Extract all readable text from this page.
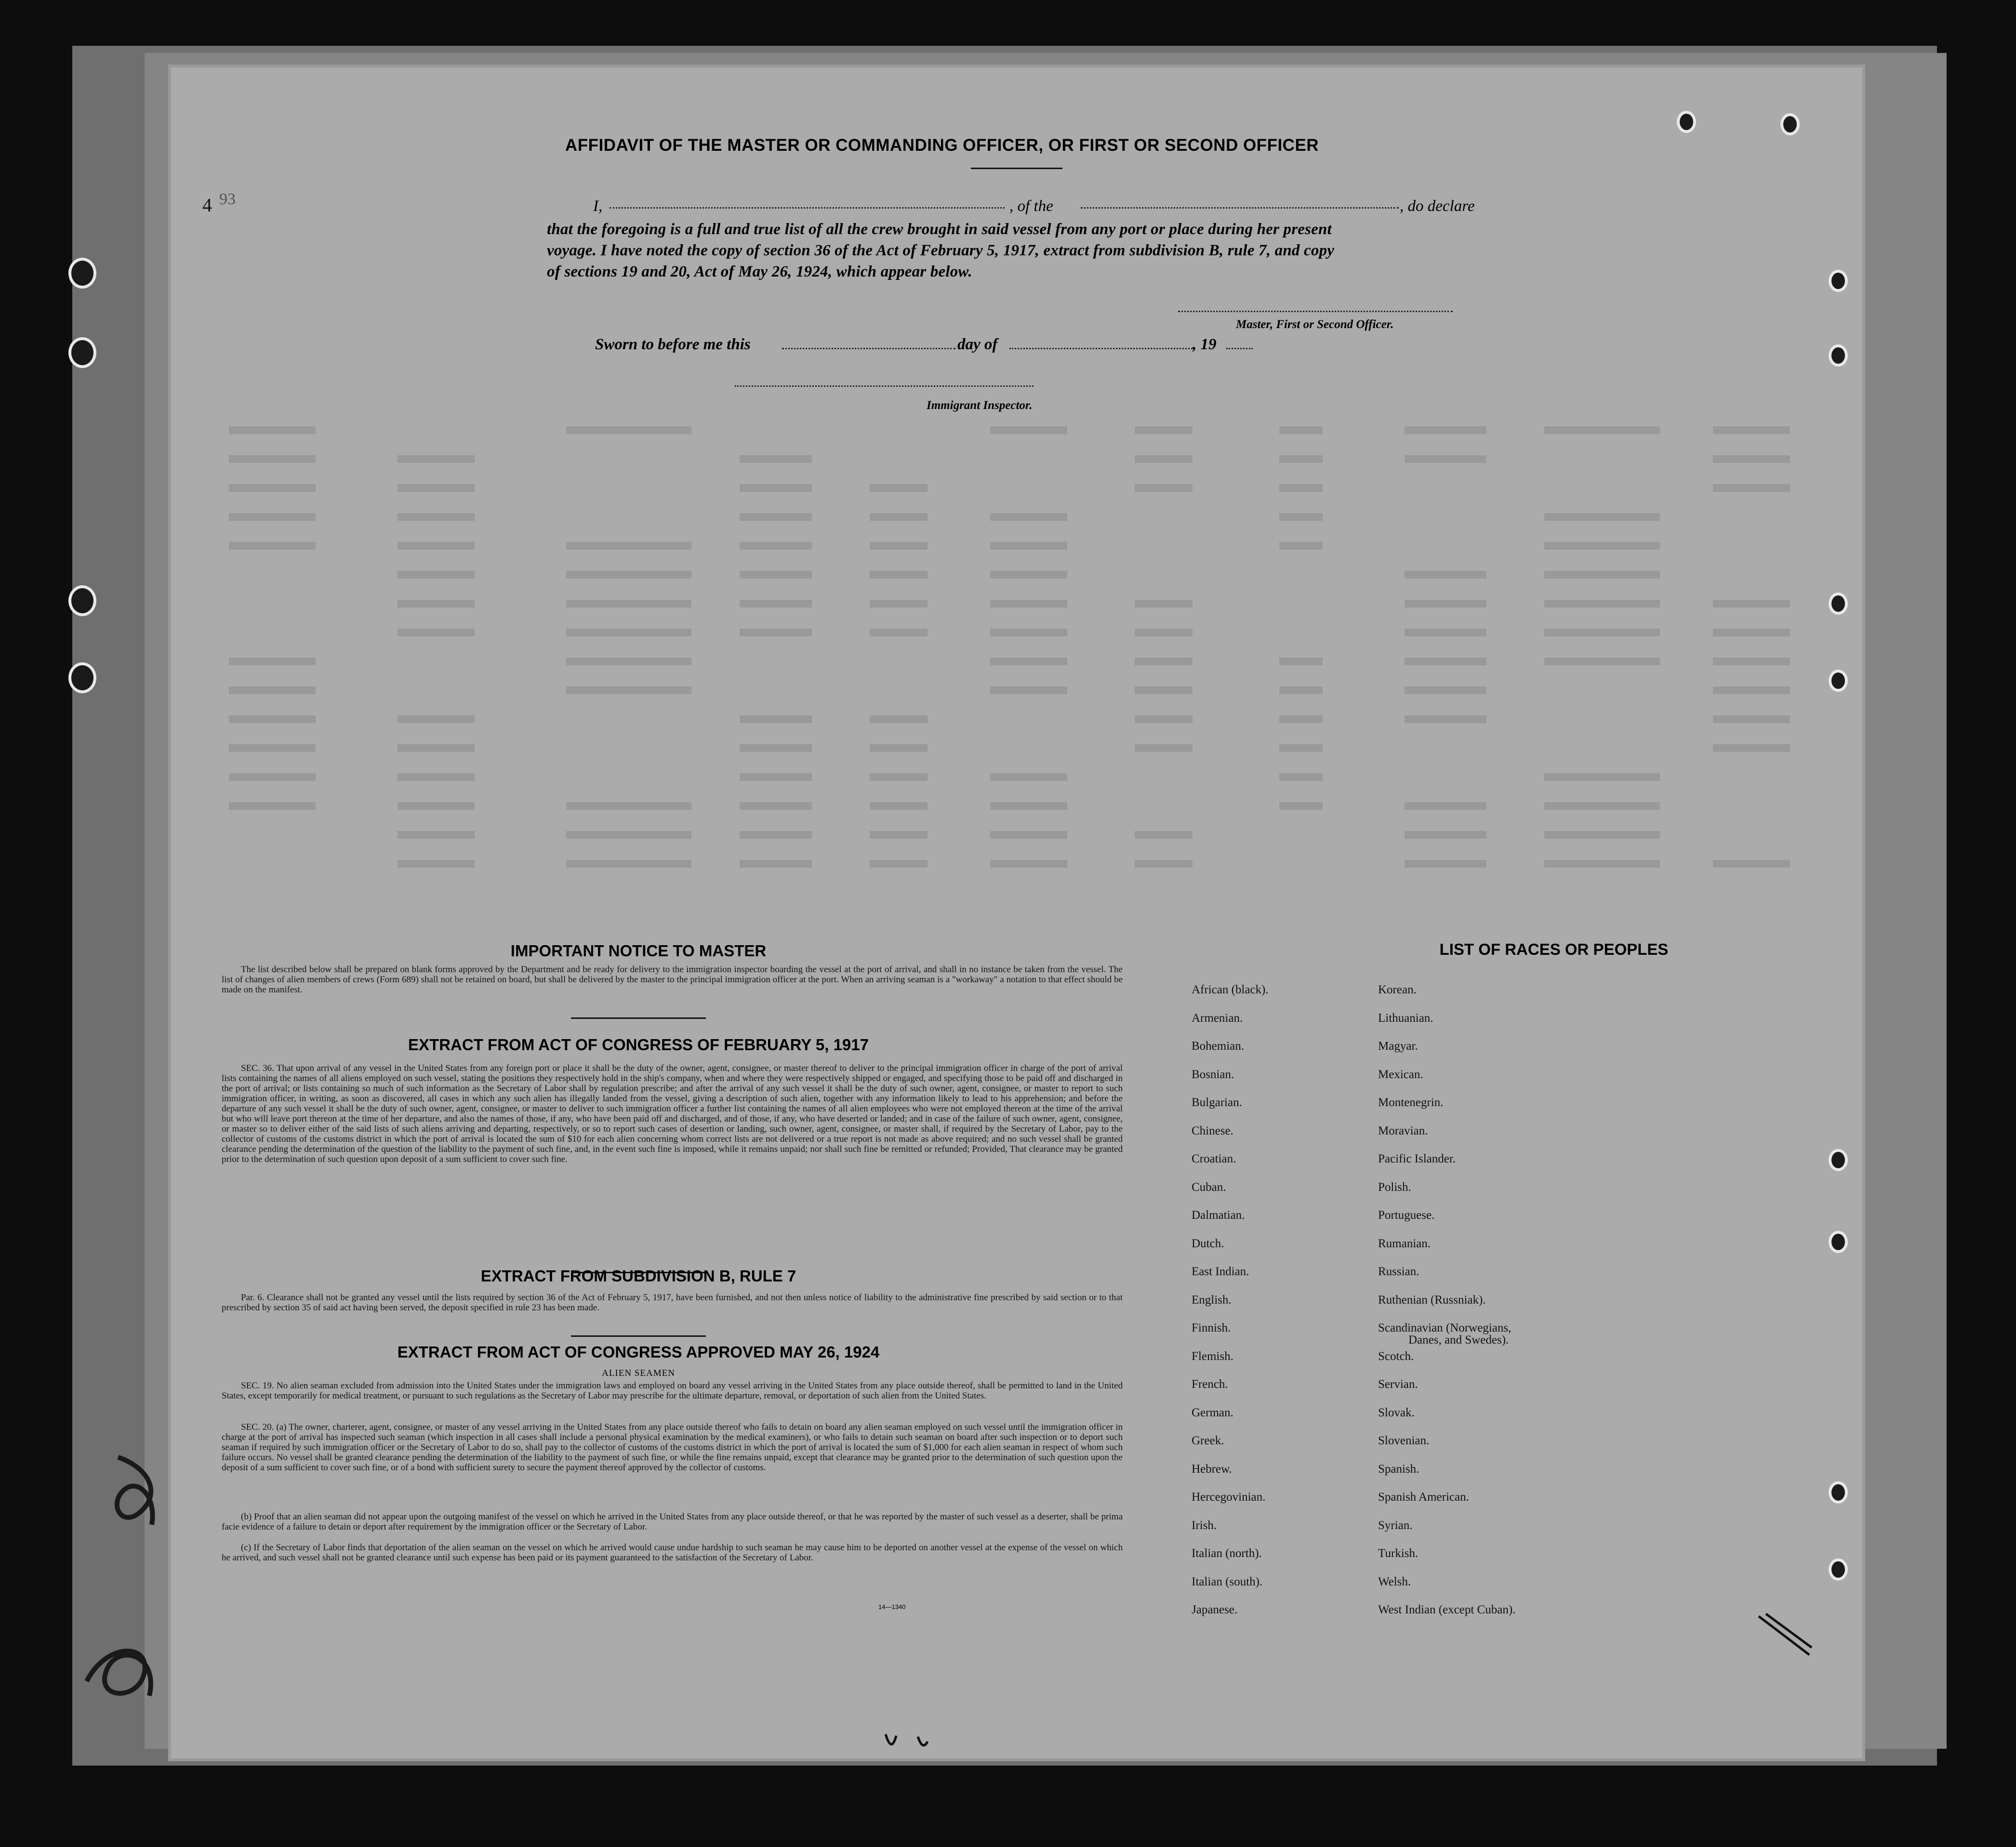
4 93
AFFIDAVIT OF THE MASTER OR COMMANDING OFFICER, OR FIRST OR SECOND OFFICER
I,	, of the	, do declare
that the foregoing is a full and true list of all the crew brought in said vessel from any port or place during her present
voyage. I have noted the copy of section 36 of the Act of February 5, 1917, extract from subdivision B, rule 7, and copy
of sections 19 and 20, Act of May 26, 1924, which appear below.
Master, First or Second Officer.
Sworn to before me this	day of	, 19
Immigrant Inspector.
IMPORTANT NOTICE TO MASTER
The list described below shall be prepared on blank forms approved by the Department and be ready for delivery to the immigration inspector boarding the vessel at the port of arrival, and shall in no instance be taken from the vessel. The list of changes of alien members of crews (Form 689) shall not be retained on board, but shall be delivered by the master to the principal immigration officer at the port. When an arriving seaman is a "workaway" a notation to that effect should be made on the manifest.
EXTRACT FROM ACT OF CONGRESS OF FEBRUARY 5, 1917
SEC. 36. That upon arrival of any vessel in the United States from any foreign port or place it shall be the duty of the owner, agent, consignee, or master thereof to deliver to the principal immigration officer in charge of the port of arrival lists containing the names of all aliens employed on such vessel, stating the positions they respectively hold in the ship's company, when and where they were respectively shipped or engaged, and specifying those to be paid off and discharged in the port of arrival; or lists containing so much of such information as the Secretary of Labor shall by regulation prescribe; and after the arrival of any such vessel it shall be the duty of such owner, agent, consignee, or master to report to such immigration officer, in writing, as soon as discovered, all cases in which any such alien has illegally landed from the vessel, giving a description of such alien, together with any information likely to lead to his apprehension; and before the departure of any such vessel it shall be the duty of such owner, agent, consignee, or master to deliver to such immigration officer a further list containing the names of all alien employees who were not employed thereon at the time of the arrival but who will leave port thereon at the time of her departure, and also the names of those, if any, who have been paid off and discharged, and of those, if any, who have deserted or landed; and in case of the failure of such owner, agent, consignee, or master so to deliver either of the said lists of such aliens arriving and departing, respectively, or so to report such cases of desertion or landing, such owner, agent, consignee, or master shall, if required by the Secretary of Labor, pay to the collector of customs of the customs district in which the port of arrival is located the sum of $10 for each alien concerning whom correct lists are not delivered or a true report is not made as above required; and no such vessel shall be granted clearance pending the determination of the question of the liability to the payment of such fine, and, in the event such fine is imposed, while it remains unpaid; nor shall such fine be remitted or refunded; Provided, That clearance may be granted prior to the determination of such question upon deposit of a sum sufficient to cover such fine.
EXTRACT FROM SUBDIVISION B, RULE 7
Par. 6. Clearance shall not be granted any vessel until the lists required by section 36 of the Act of February 5, 1917, have been furnished, and not then unless notice of liability to the administrative fine prescribed by said section or to that prescribed by section 35 of said act having been served, the deposit specified in rule 23 has been made.
EXTRACT FROM ACT OF CONGRESS APPROVED MAY 26, 1924
ALIEN SEAMEN
SEC. 19. No alien seaman excluded from admission into the United States under the immigration laws and employed on board any vessel arriving in the United States from any place outside thereof, shall be permitted to land in the United States, except temporarily for medical treatment, or pursuant to such regulations as the Secretary of Labor may prescribe for the ultimate departure, removal, or deportation of such alien from the United States.
SEC. 20. (a) The owner, charterer, agent, consignee, or master of any vessel arriving in the United States from any place outside thereof who fails to detain on board any alien seaman employed on such vessel until the immigration officer in charge at the port of arrival has inspected such seaman (which inspection in all cases shall include a personal physical examination by the medical examiners), or who fails to detain such seaman on board after such inspection or to deport such seaman if required by such immigration officer or the Secretary of Labor to do so, shall pay to the collector of customs of the customs district in which the port of arrival is located the sum of $1,000 for each alien seaman in respect of whom such failure occurs. No vessel shall be granted clearance pending the determination of the liability to the payment of such fine, or while the fine remains unpaid, except that clearance may be granted prior to the determination of such question upon the deposit of a sum sufficient to cover such fine, or of a bond with sufficient surety to secure the payment thereof approved by the collector of customs.
(b) Proof that an alien seaman did not appear upon the outgoing manifest of the vessel on which he arrived in the United States from any place outside thereof, or that he was reported by the master of such vessel as a deserter, shall be prima facie evidence of a failure to detain or deport after requirement by the immigration officer or the Secretary of Labor.
(c) If the Secretary of Labor finds that deportation of the alien seaman on the vessel on which he arrived would cause undue hardship to such seaman he may cause him to be deported on another vessel at the expense of the vessel on which he arrived, and such vessel shall not be granted clearance until such expense has been paid or its payment guaranteed to the satisfaction of the Secretary of Labor.
14—1340
LIST OF RACES OR PEOPLES
African (black).
Armenian.
Bohemian.
Bosnian.
Bulgarian.
Chinese.
Croatian.
Cuban.
Dalmatian.
Dutch.
East Indian.
English.
Finnish.
Flemish.
French.
German.
Greek.
Hebrew.
Hercegovinian.
Irish.
Italian (north).
Italian (south).
Japanese.
Korean.
Lithuanian.
Magyar.
Mexican.
Montenegrin.
Moravian.
Pacific Islander.
Polish.
Portuguese.
Rumanian.
Russian.
Ruthenian (Russniak).
Scandinavian (Norwegians,
Scotch.
Servian.
Slovak.
Slovenian.
Spanish.
Spanish American.
Syrian.
Turkish.
Welsh.
West Indian (except Cuban).
Danes, and Swedes).
